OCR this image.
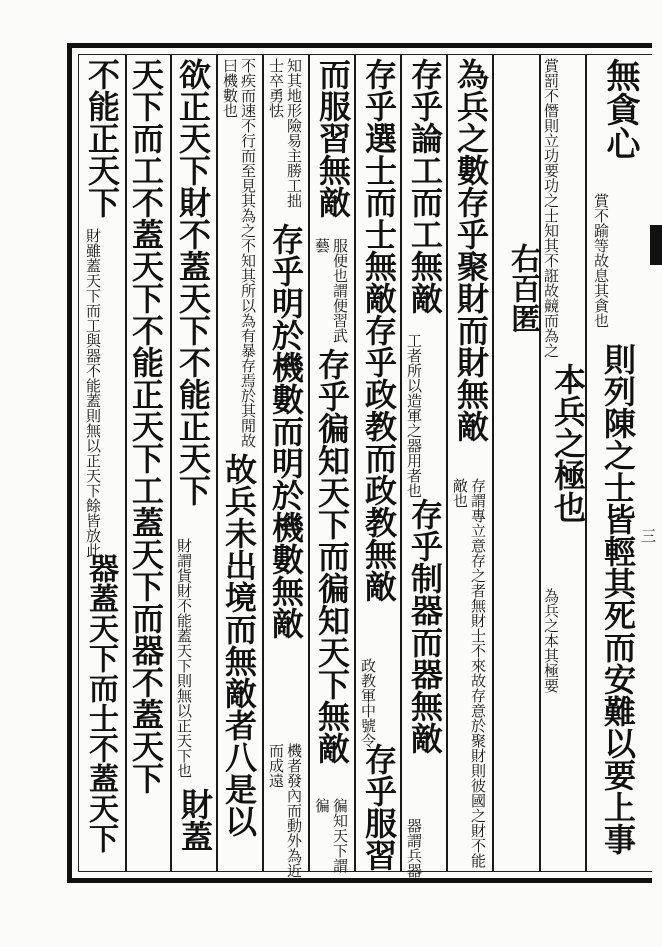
無貪心
賞不踰等故息其貪也
則列陳之士皆輕其死而安難以要上事
賞罰不僭則立功要功之士知其不誑故竸而為之
本兵之極也
為兵之本其極要
右百匿
為兵之數存乎聚財而財無敵
存謂專立意存之者無財士不來故存意於聚財則彼國之財不能敵也
存乎論工而工無敵
工者所以造軍之器用者也
存乎制器而器無敵
器謂兵器
存乎選士而士無敵存乎政教而政教無敵
政教軍中號令
存乎服習
而服習無敵
服便也謂便習武藝
存乎徧知天下而徧知天下無敵
徧知天下謂徧
知其地形險易主勝工拙士卒勇怯
存乎明於機數而明於機數無敵
機者發內而動外為近而成遠
不疾而速不行而至見其為之不知其所以為有暴存焉於其閒故曰機數也
故兵未出境而無敵者八是以
欲正天下財不蓋天下不能正天下
財謂貨財不能蓋天下則無以正天下也
財蓋
天下而工不蓋天下不能正天下工蓋天下而器不蓋天下
不能正天下
財雖蓋天下而工與器不能蓋則無以正天下餘皆放此
器蓋天下而士不蓋天下
三
